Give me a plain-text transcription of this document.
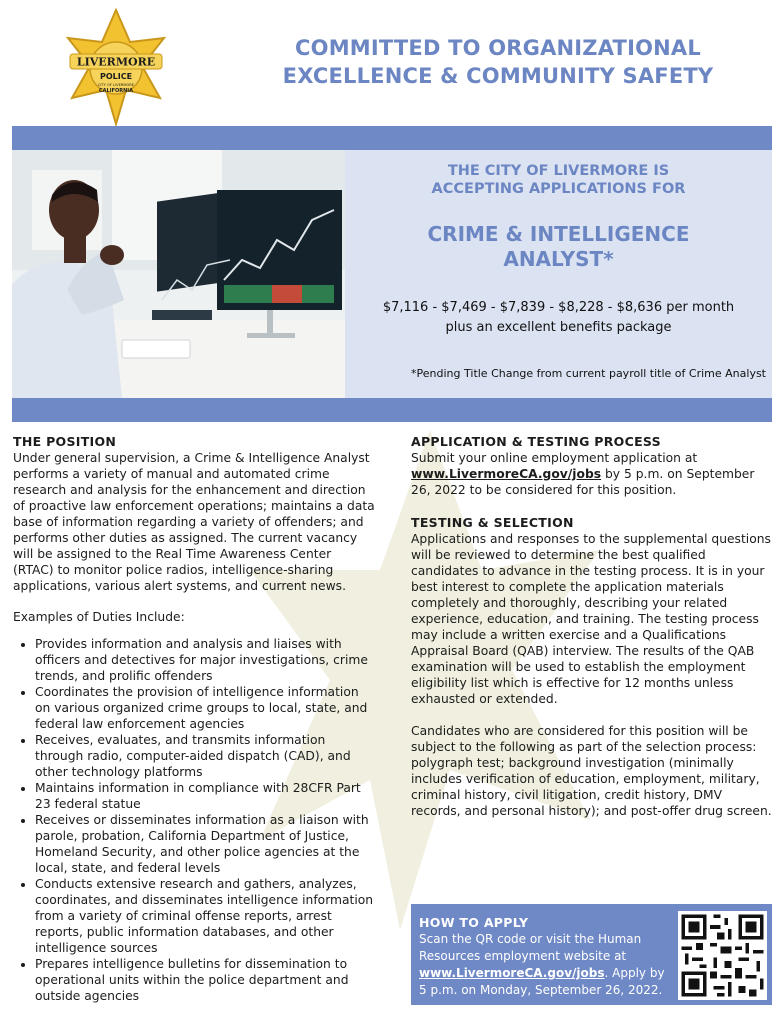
LIVERMORE
POLICE
CITY OF LIVERMORE
CALIFORNIA
COMMITTED TO ORGANIZATIONAL
EXCELLENCE & COMMUNITY SAFETY
THE CITY OF LIVERMORE IS
ACCEPTING APPLICATIONS FOR
CRIME & INTELLIGENCE
ANALYST*
$7,116 - $7,469 - $7,839 - $8,228 - $8,636 per month
plus an excellent benefits package
*Pending Title Change from current payroll title of Crime Analyst
THE POSITION

Under general supervision, a Crime & Intelligence Analyst performs a variety of manual and automated crime research and analysis for the enhancement and direction of proactive law enforcement operations; maintains a data base of information regarding a variety of offenders; and performs other duties as assigned. The current vacancy will be assigned to the Real Time Awareness Center (RTAC) to monitor police radios, intelligence-sharing applications, various alert systems, and current news.

Examples of Duties Include:

• Provides information and analysis and liaises with officers and detectives for major investigations, crime trends, and prolific offenders
• Coordinates the provision of intelligence information on various organized crime groups to local, state, and federal law enforcement agencies
• Receives, evaluates, and transmits information through radio, computer-aided dispatch (CAD), and other technology platforms
• Maintains information in compliance with 28CFR Part 23 federal statue
• Receives or disseminates information as a liaison with parole, probation, California Department of Justice, Homeland Security, and other police agencies at the local, state, and federal levels
• Conducts extensive research and gathers, analyzes, coordinates, and disseminates intelligence information from a variety of criminal offense reports, arrest reports, public information databases, and other intelligence sources
• Prepares intelligence bulletins for dissemination to operational units within the police department and outside agencies
APPLICATION & TESTING PROCESS

Submit your online employment application at www.LivermoreCA.gov/jobs by 5 p.m. on September 26, 2022 to be considered for this position.

TESTING & SELECTION

Applications and responses to the supplemental questions will be reviewed to determine the best qualified candidates to advance in the testing process. It is in your best interest to complete the application materials completely and thoroughly, describing your related experience, education, and training. The testing process may include a written exercise and a Qualifications Appraisal Board (QAB) interview. The results of the QAB examination will be used to establish the employment eligibility list which is effective for 12 months unless exhausted or extended.

Candidates who are considered for this position will be subject to the following as part of the selection process: polygraph test; background investigation (minimally includes verification of education, employment, military, criminal history, civil litigation, credit history, DMV records, and personal history); and post-offer drug screen.

HOW TO APPLY
Scan the QR code or visit the Human Resources employment website at www.LivermoreCA.gov/jobs. Apply by 5 p.m. on Monday, September 26, 2022.
